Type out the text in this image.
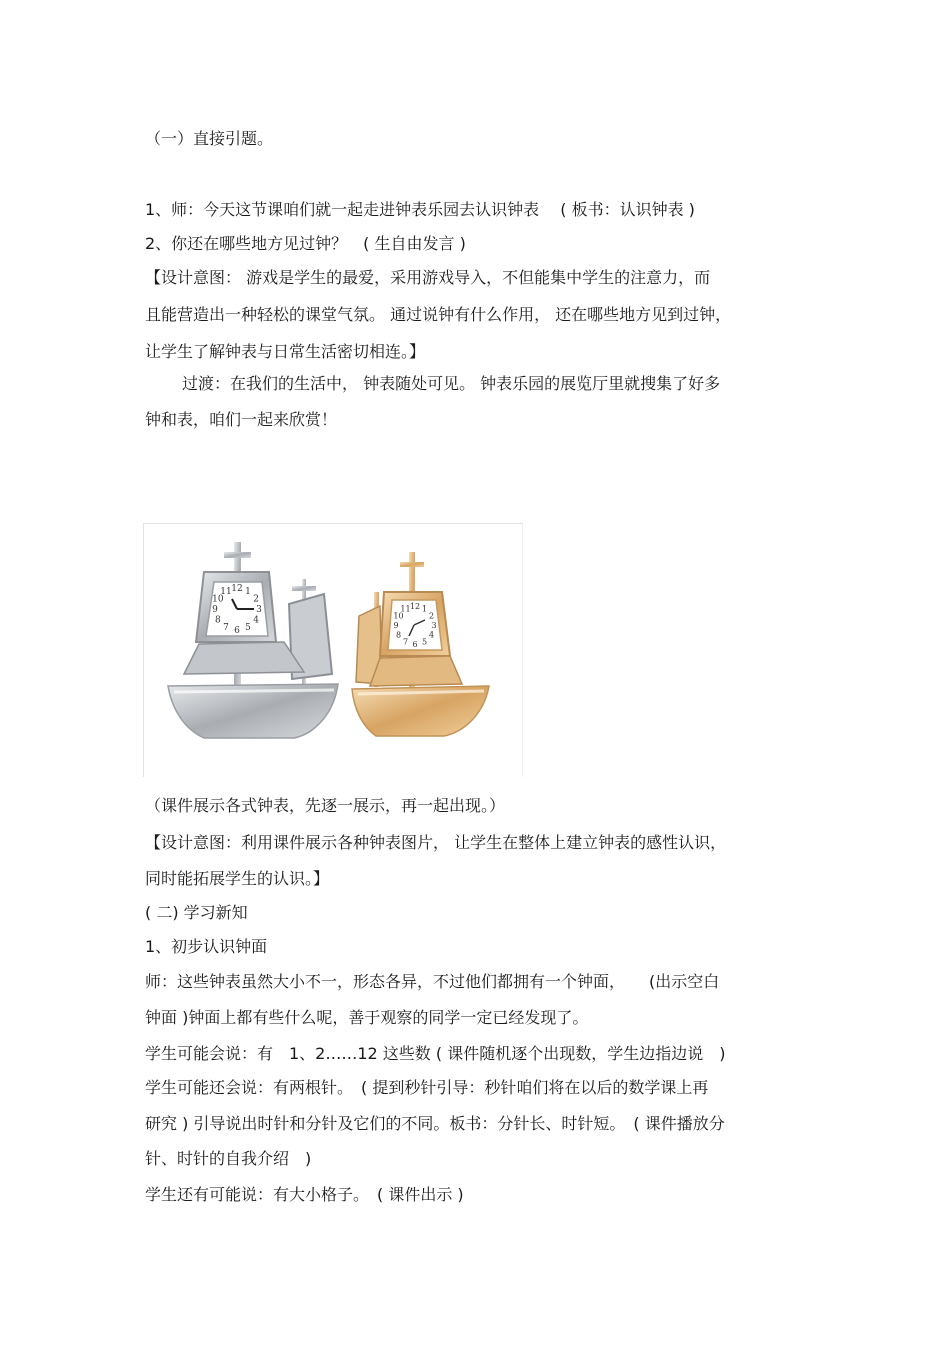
（一）直接引题。
1、师：今天这节课咱们就一起走进钟表乐园去认识钟表　 ( 板书：认识钟表 )
2、你还在哪些地方见过钟？　( 生自由发言 )
【设计意图： 游戏是学生的最爱，采用游戏导入，不但能集中学生的注意力，而
且能营造出一种轻松的课堂气氛。 通过说钟有什么作用， 还在哪些地方见到过钟，
让学生了解钟表与日常生活密切相连。】
过渡：在我们的生活中， 钟表随处可见。 钟表乐园的展览厅里就搜集了好多
钟和表，咱们一起来欣赏！
12 1
2
3
4
5
6
7
8
9
10
11
12 1
2
3
4
5
6
7
8
9
10
11
（课件展示各式钟表，先逐一展示，再一起出现。）
【设计意图：利用课件展示各种钟表图片， 让学生在整体上建立钟表的感性认识，
同时能拓展学生的认识。】
( 二) 学习新知
1、初步认识钟面
师：这些钟表虽然大小不一，形态各异，不过他们都拥有一个钟面，　　(出示空白
钟面 )钟面上都有些什么呢，善于观察的同学一定已经发现了。
学生可能会说：有　1、2……12 这些数 ( 课件随机逐个出现数，学生边指边说　)
学生可能还会说：有两根针。　( 提到秒针引导：秒针咱们将在以后的数学课上再
研究 ) 引导说出时针和分针及它们的不同。板书：分针长、时针短。　( 课件播放分
针、时针的自我介绍　)
学生还有可能说：有大小格子。　( 课件出示 )
